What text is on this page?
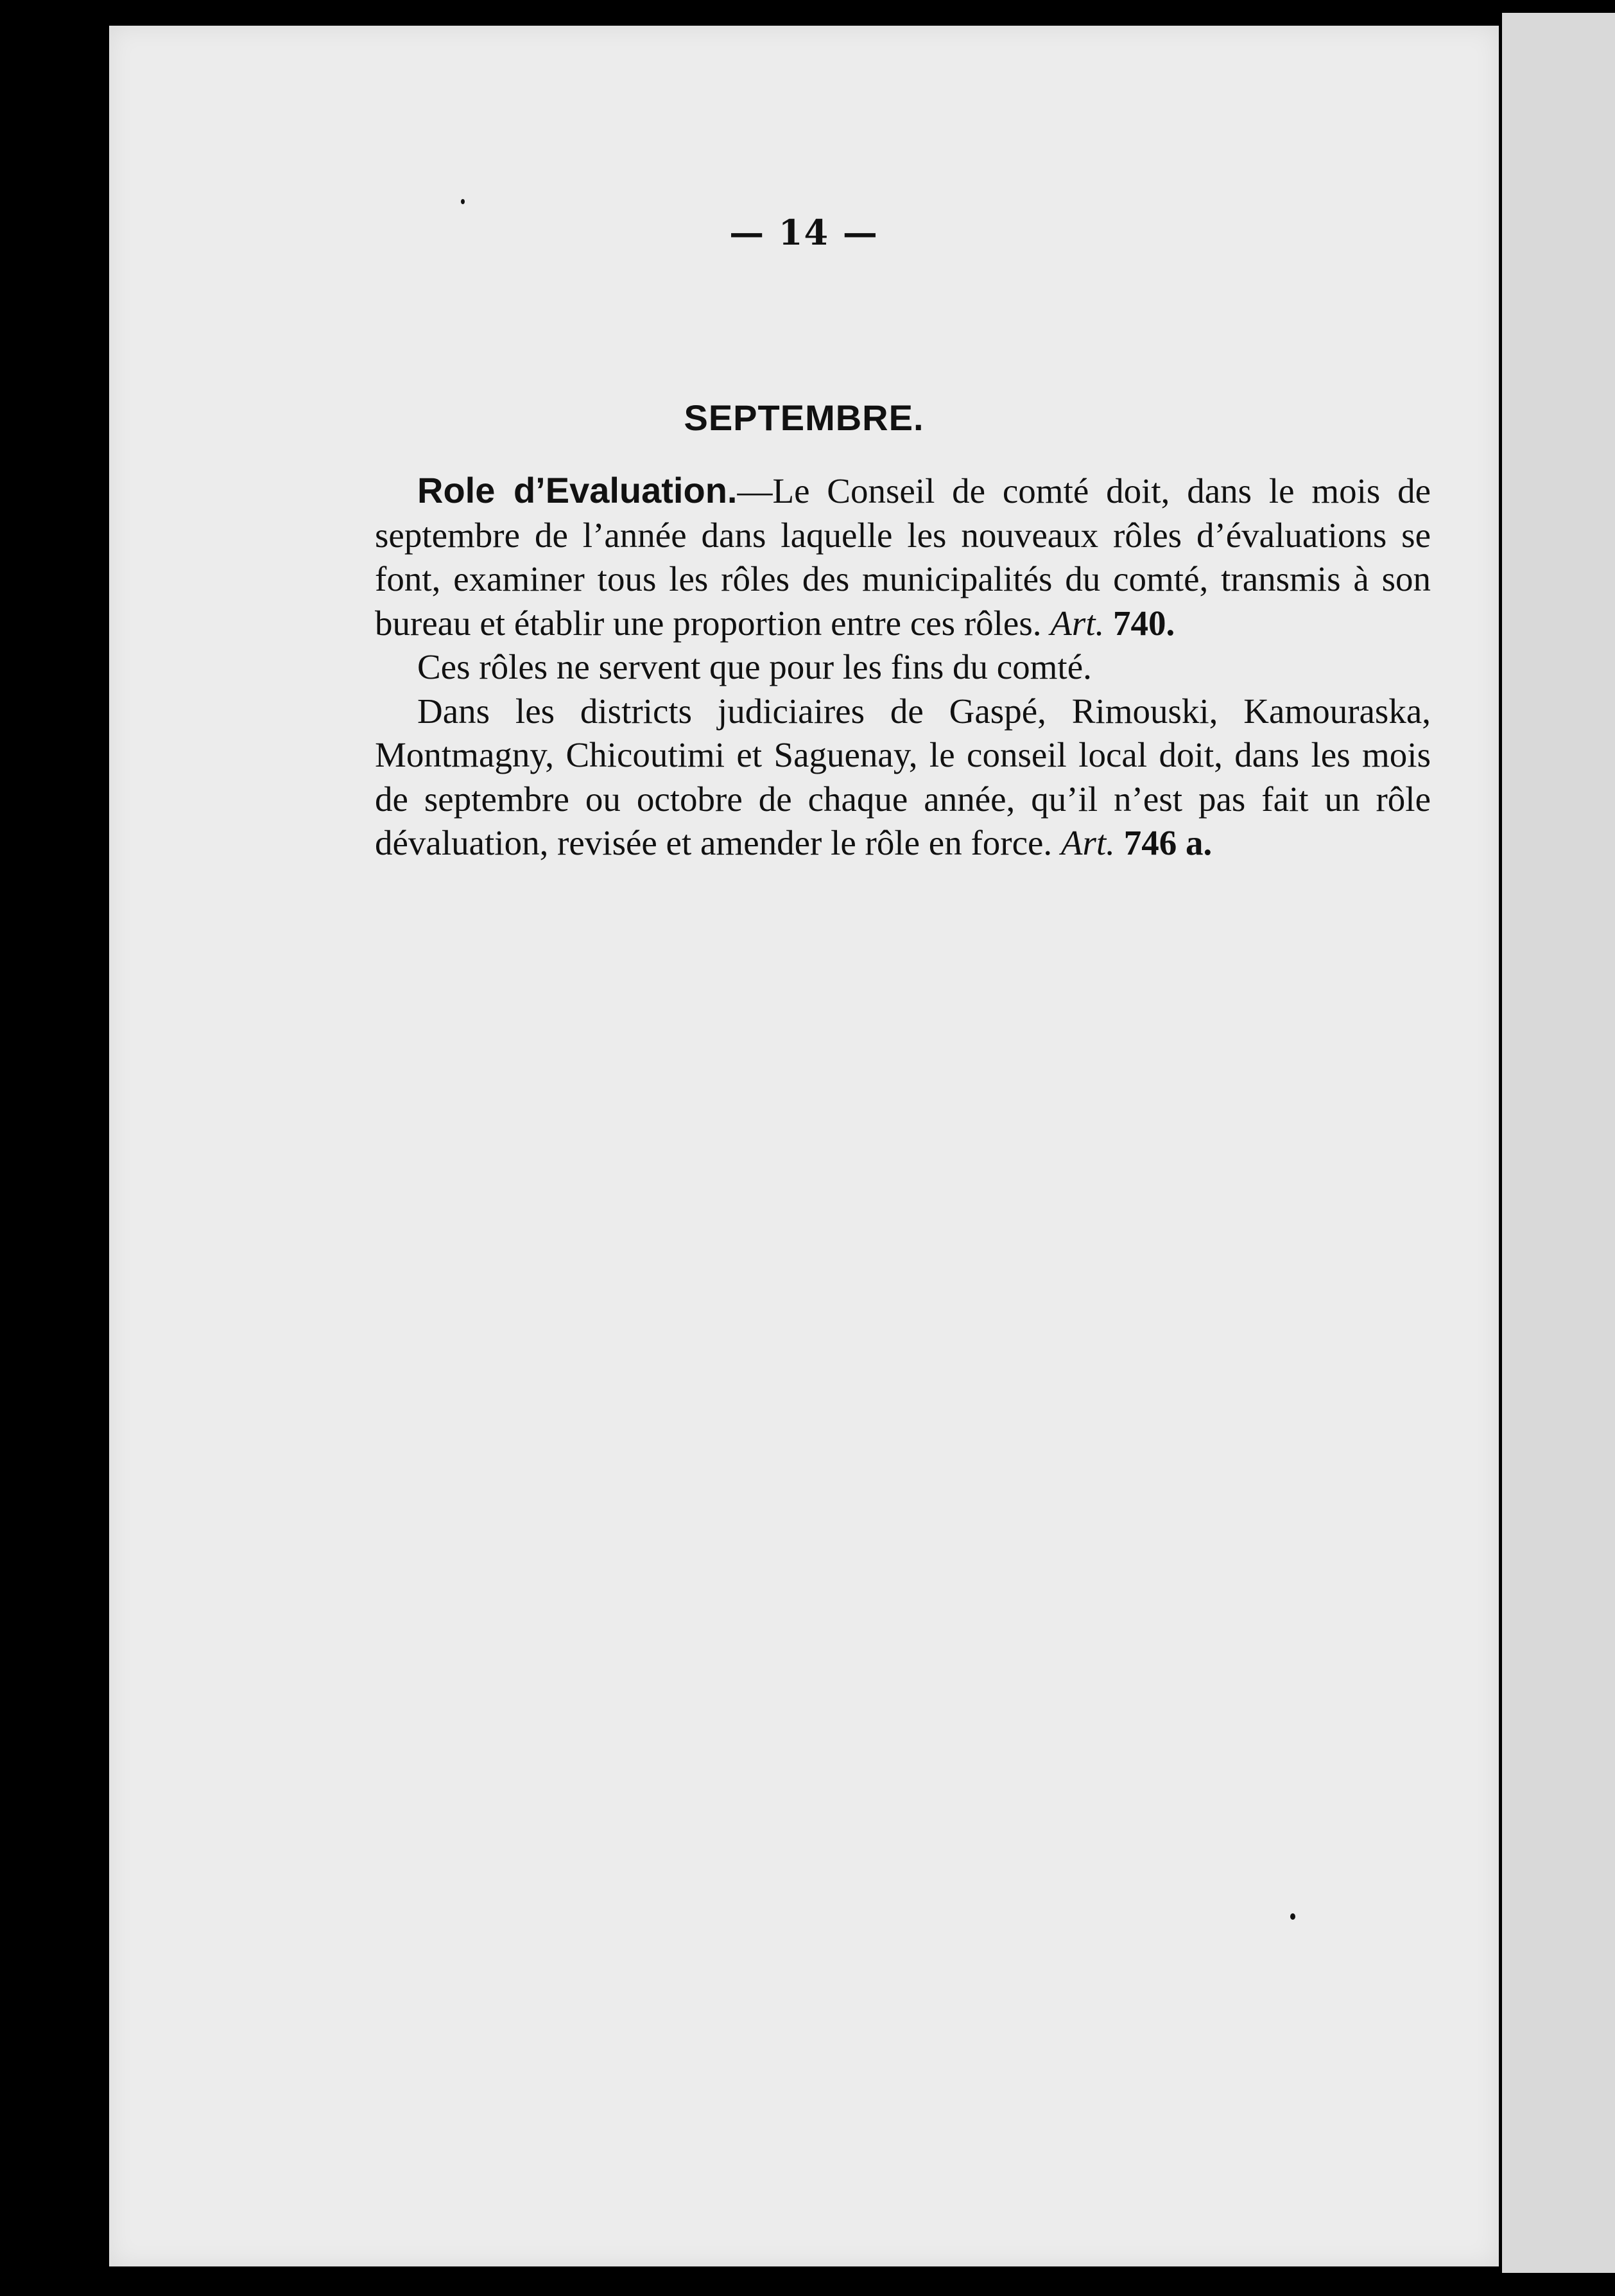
— 14 —
SEPTEMBRE.

Role d’Evaluation.—Le Conseil de comté doit, dans le mois de septembre de l’année dans laquelle les nouveaux rôles d’évaluations se font, examiner tous les rôles des municipalités du comté, transmis à son bureau et établir une proportion entre ces rôles. Art. 740.

Ces rôles ne servent que pour les fins du comté.

Dans les districts judiciaires de Gaspé, Rimouski, Kamouraska, Montmagny, Chicoutimi et Saguenay, le conseil local doit, dans les mois de septembre ou octobre de chaque année, qu’il n’est pas fait un rôle dévaluation, revisée et amender le rôle en force. Art. 746 a.
